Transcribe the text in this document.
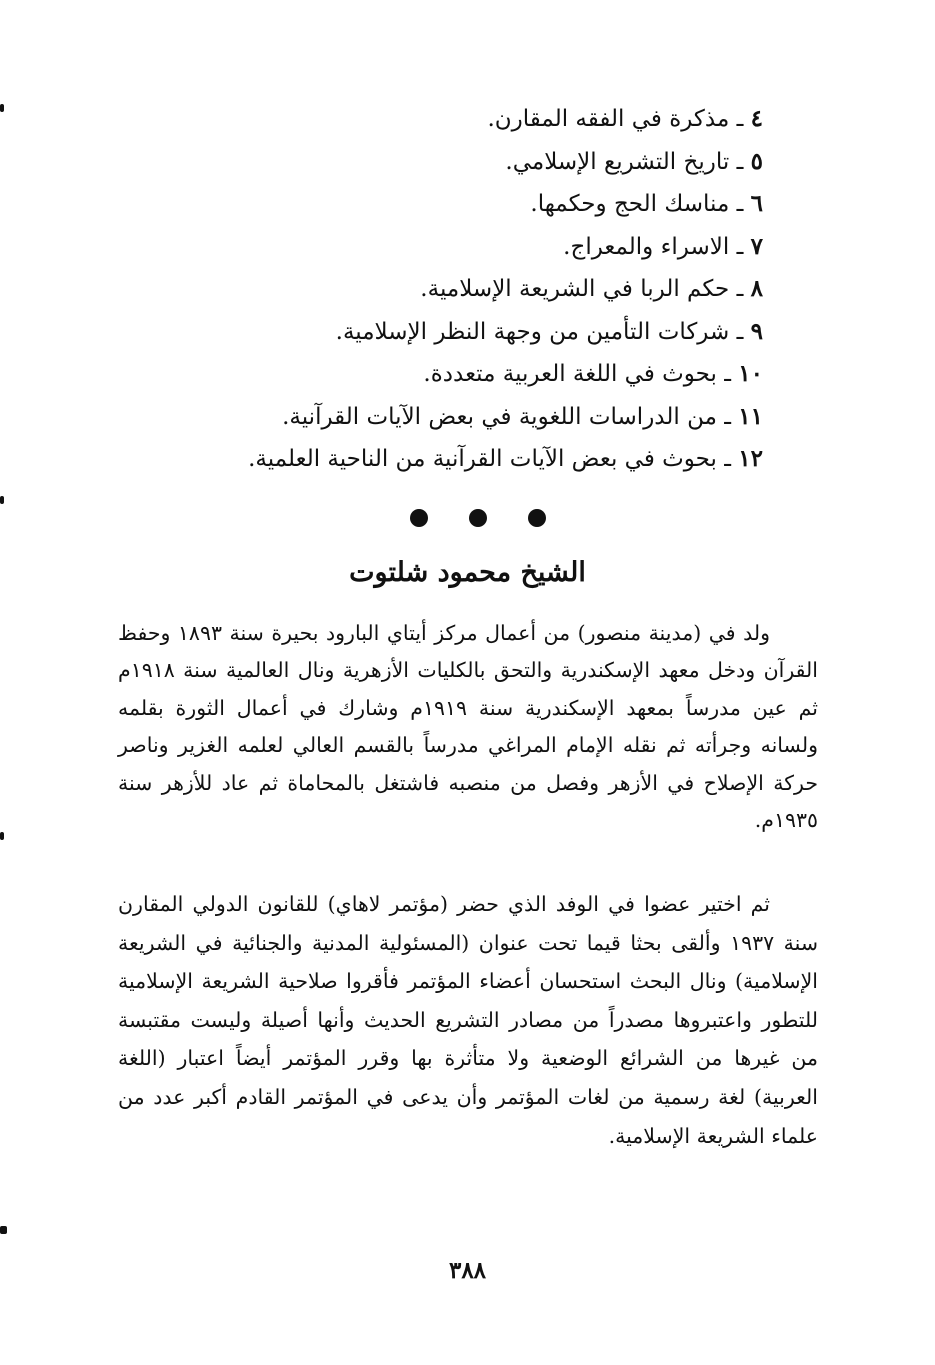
٤ ـ مذكرة في الفقه المقارن.
٥ ـ تاريخ التشريع الإسلامي.
٦ ـ مناسك الحج وحكمها.
٧ ـ الاسراء والمعراج.
٨ ـ حكم الربا في الشريعة الإسلامية.
٩ ـ شركات التأمين من وجهة النظر الإسلامية.
١٠ ـ بحوث في اللغة العربية متعددة.
١١ ـ من الدراسات اللغوية في بعض الآيات القرآنية.
١٢ ـ بحوث في بعض الآيات القرآنية من الناحية العلمية.
الشيخ محمود شلتوت

ولد في (مدينة منصور) من أعمال مركز أيتاي البارود بحيرة سنة ١٨٩٣ وحفظ القرآن ودخل معهد الإسكندرية والتحق بالكليات الأزهرية ونال العالمية سنة ١٩١٨م ثم عين مدرساً بمعهد الإسكندرية سنة ١٩١٩م وشارك في أعمال الثورة بقلمه ولسانه وجرأته ثم نقله الإمام المراغي مدرساً بالقسم العالي لعلمه الغزير وناصر حركة الإصلاح في الأزهر وفصل من منصبه فاشتغل بالمحاماة ثم عاد للأزهر سنة ١٩٣٥م.

ثم اختير عضوا في الوفد الذي حضر (مؤتمر لاهاي) للقانون الدولي المقارن سنة ١٩٣٧ وألقى بحثا قيما تحت عنوان (المسئولية المدنية والجنائية في الشريعة الإسلامية) ونال البحث استحسان أعضاء المؤتمر فأقروا صلاحية الشريعة الإسلامية للتطور واعتبروها مصدراً من مصادر التشريع الحديث وأنها أصيلة وليست مقتبسة من غيرها من الشرائع الوضعية ولا متأثرة بها وقرر المؤتمر أيضاً اعتبار (اللغة العربية) لغة رسمية من لغات المؤتمر وأن يدعى في المؤتمر القادم أكبر عدد من علماء الشريعة الإسلامية.

٣٨٨
